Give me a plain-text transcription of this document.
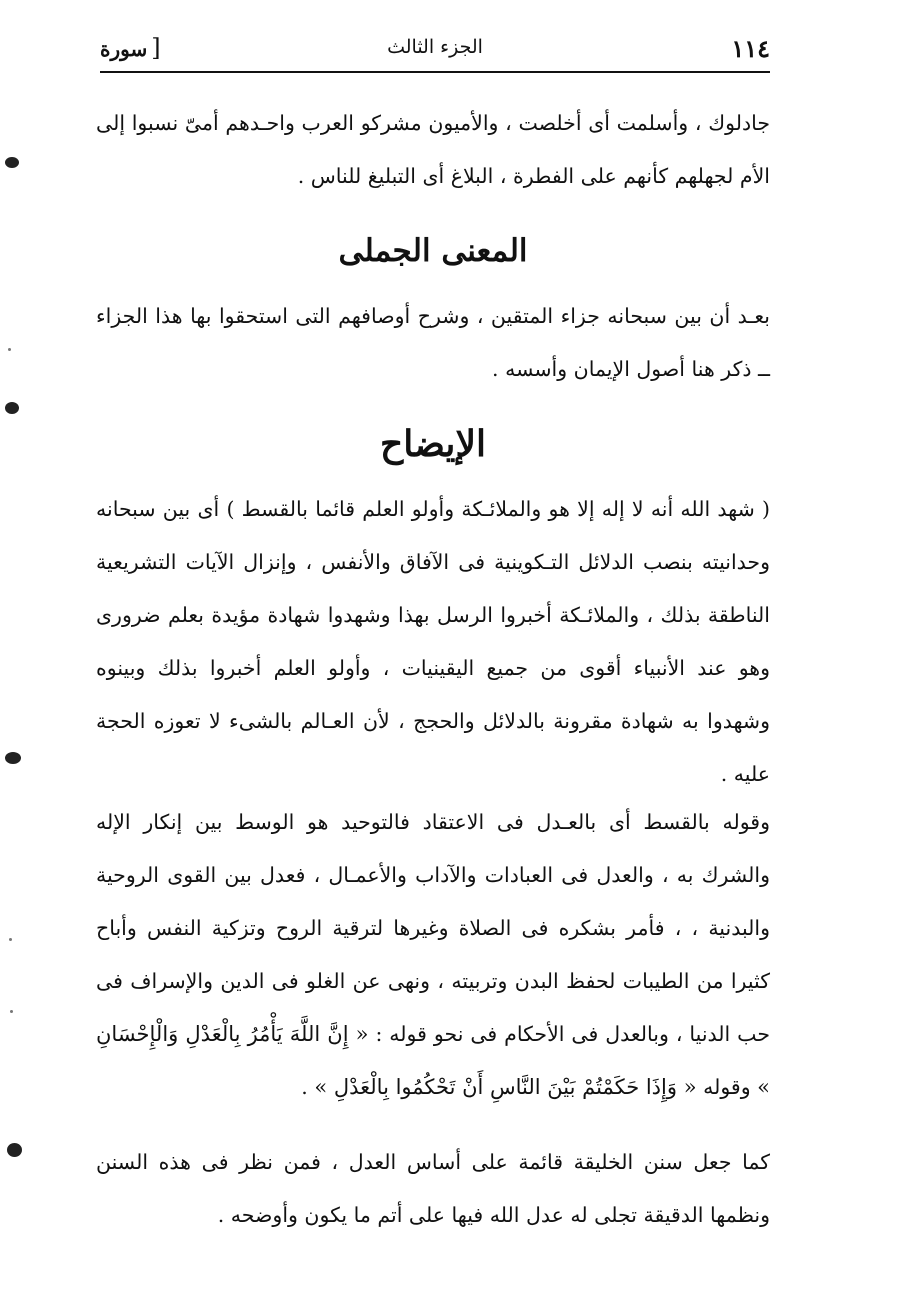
١١٤
الجزء الثالث
[سورة

جادلوك ، وأسلمت أى أخلصت ، والأميون مشركو العرب واحـدهم أمىّ نسبوا إلى الأم لجهلهم كأنهم على الفطرة ، البلاغ أى التبليغ للناس .

المعنى الجملى

بعـد أن بين سبحانه جزاء المتقين ، وشرح أوصافهم التى استحقوا بها هذا الجزاء ــ ذكر هنا أصول الإيمان وأسسه .

الإيضاح

( شهد الله أنه لا إله إلا هو والملائـكة وأولو العلم قائما بالقسط ) أى بين سبحانه وحدانيته بنصب الدلائل التـكوينية فى الآفاق والأنفس ، وإنزال الآيات التشريعية الناطقة بذلك ، والملائـكة أخبروا الرسل بهذا وشهدوا شهادة مؤيدة بعلم ضرورى وهو عند الأنبياء أقوى من جميع اليقينيات ، وأولو العلم أخبروا بذلك وبينوه وشهدوا به شهادة مقرونة بالدلائل والحجج ، لأن العـالم بالشىء لا تعوزه الحجة عليه .

وقوله بالقسط أى بالعـدل فى الاعتقاد فالتوحيد هو الوسط بين إنكار الإله والشرك به ، والعدل فى العبادات والآداب والأعمـال ، فعدل بين القوى الروحية والبدنية ، ، فأمر بشكره فى الصلاة وغيرها لترقية الروح وتزكية النفس وأباح كثيرا من الطيبات لحفظ البدن وتربيته ، ونهى عن الغلو فى الدين والإسراف فى حب الدنيا ، وبالعدل فى الأحكام فى نحو قوله : « إِنَّ اللَّهَ يَأْمُرُ بِالْعَدْلِ وَالْإِحْسَانِ » وقوله « وَإِذَا حَكَمْتُمْ بَيْنَ النَّاسِ أَنْ تَحْكُمُوا بِالْعَدْلِ » .

كما جعل سنن الخليقة قائمة على أساس العدل ، فمن نظر فى هذه السنن ونظمها الدقيقة تجلى له عدل الله فيها على أتم ما يكون وأوضحه .
